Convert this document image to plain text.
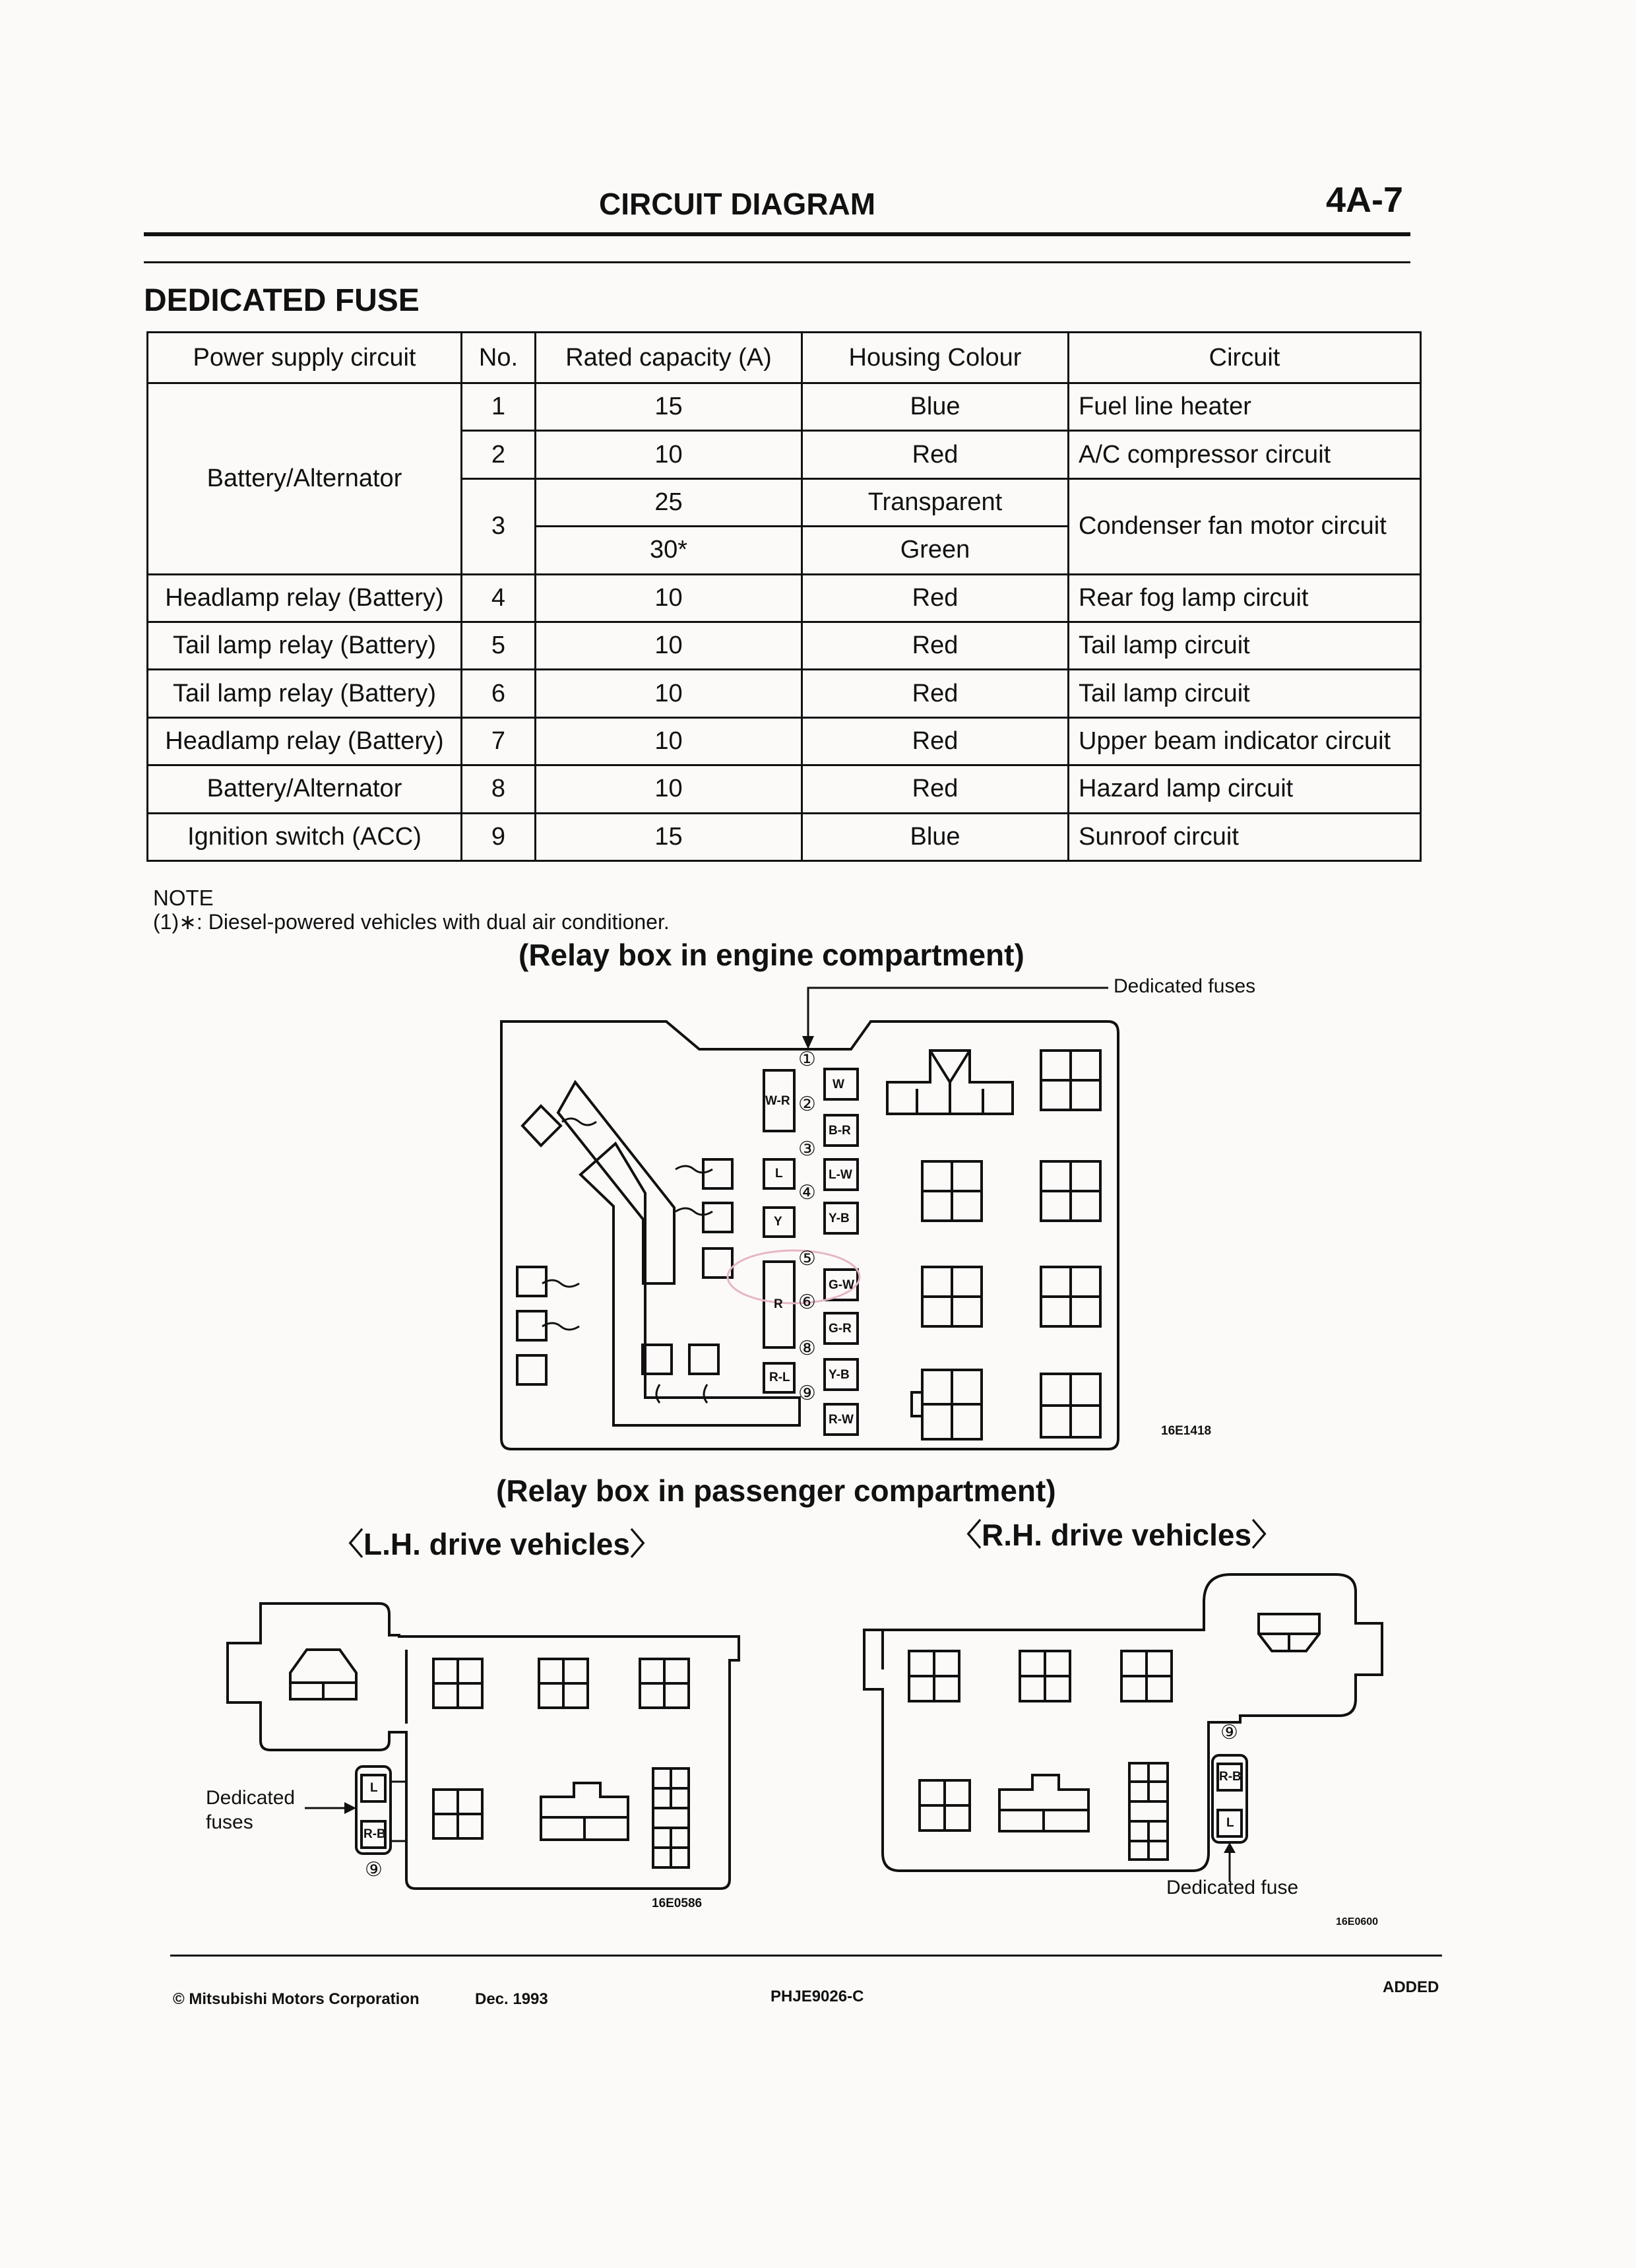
CIRCUIT DIAGRAM	4A-7
DEDICATED FUSE
Power supply circuit	No.	Rated capacity (A)	Housing Colour	Circuit
Battery/Alternator	1	15	Blue	Fuel line heater
	2	10	Red	A/C compressor circuit
	3	25	Transparent	Condenser fan motor circuit
		30*	Green	
Headlamp relay (Battery)	4	10	Red	Rear fog lamp circuit
Tail lamp relay (Battery)	5	10	Red	Tail lamp circuit
Tail lamp relay (Battery)	6	10	Red	Tail lamp circuit
Headlamp relay (Battery)	7	10	Red	Upper beam indicator circuit
Battery/Alternator	8	10	Red	Hazard lamp circuit
Ignition switch (ACC)	9	15	Blue	Sunroof circuit
NOTE
(1)∗: Diesel-powered vehicles with dual air conditioner.
(Relay box in engine compartment)
Dedicated fuses
①
②
③
④
⑤
⑥
⑧
⑨
W
B-R
L-W
Y-B
G-W
G-R
Y-B
R-W
W-R
L
Y
R
R-L
16E1418
(Relay box in passenger compartment)
〈L.H. drive vehicles〉	〈R.H. drive vehicles〉
L
R-B
⑨
Dedicated
fuses
16E0586
R-B
L
⑨
Dedicated fuse
16E0600
© Mitsubishi Motors Corporation	Dec. 1993	PHJE9026-C
ADDED
